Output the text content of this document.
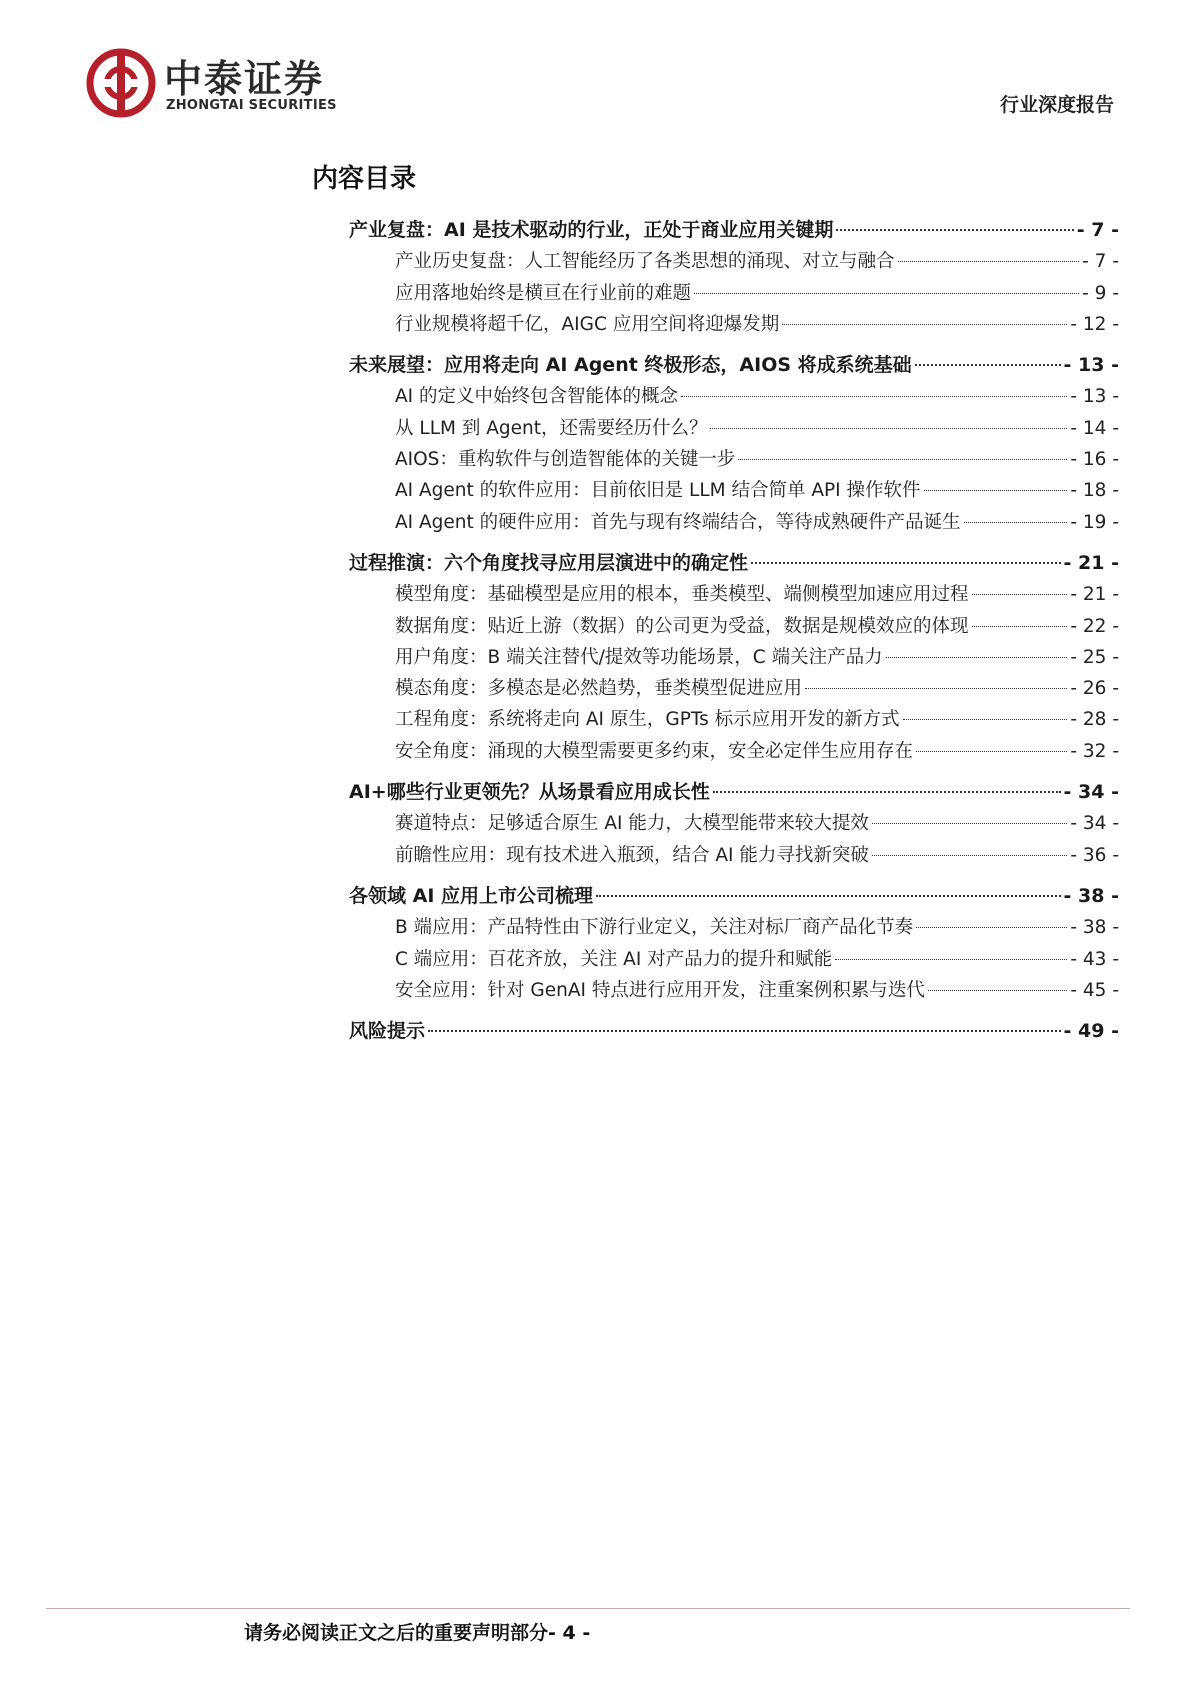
中泰证券
ZHONGTAI SECURITIES	行业深度报告
内容目录
产业复盘：AI 是技术驱动的行业，正处于商业应用关键期	- 7 -
产业历史复盘：人工智能经历了各类思想的涌现、对立与融合	- 7 -
应用落地始终是横亘在行业前的难题	- 9 -
行业规模将超千亿，AIGC 应用空间将迎爆发期	- 12 -
未来展望：应用将走向 AI Agent 终极形态，AIOS 将成系统基础	- 13 -
AI 的定义中始终包含智能体的概念	- 13 -
从 LLM 到 Agent，还需要经历什么？	- 14 -
AIOS：重构软件与创造智能体的关键一步	- 16 -
AI Agent 的软件应用：目前依旧是 LLM 结合简单 API 操作软件	- 18 -
AI Agent 的硬件应用：首先与现有终端结合，等待成熟硬件产品诞生	- 19 -
过程推演：六个角度找寻应用层演进中的确定性	- 21 -
模型角度：基础模型是应用的根本，垂类模型、端侧模型加速应用过程	- 21 -
数据角度：贴近上游（数据）的公司更为受益，数据是规模效应的体现	- 22 -
用户角度：B 端关注替代/提效等功能场景，C 端关注产品力	- 25 -
模态角度：多模态是必然趋势，垂类模型促进应用	- 26 -
工程角度：系统将走向 AI 原生，GPTs 标示应用开发的新方式	- 28 -
安全角度：涌现的大模型需要更多约束，安全必定伴生应用存在	- 32 -
AI+哪些行业更领先？从场景看应用成长性	- 34 -
赛道特点：足够适合原生 AI 能力，大模型能带来较大提效	- 34 -
前瞻性应用：现有技术进入瓶颈，结合 AI 能力寻找新突破	- 36 -
各领域 AI 应用上市公司梳理	- 38 -
B 端应用：产品特性由下游行业定义，关注对标厂商产品化节奏	- 38 -
C 端应用：百花齐放，关注 AI 对产品力的提升和赋能	- 43 -
安全应用：针对 GenAI 特点进行应用开发，注重案例积累与迭代	- 45 -
风险提示	- 49 -
请务必阅读正文之后的重要声明部分- 4 -
